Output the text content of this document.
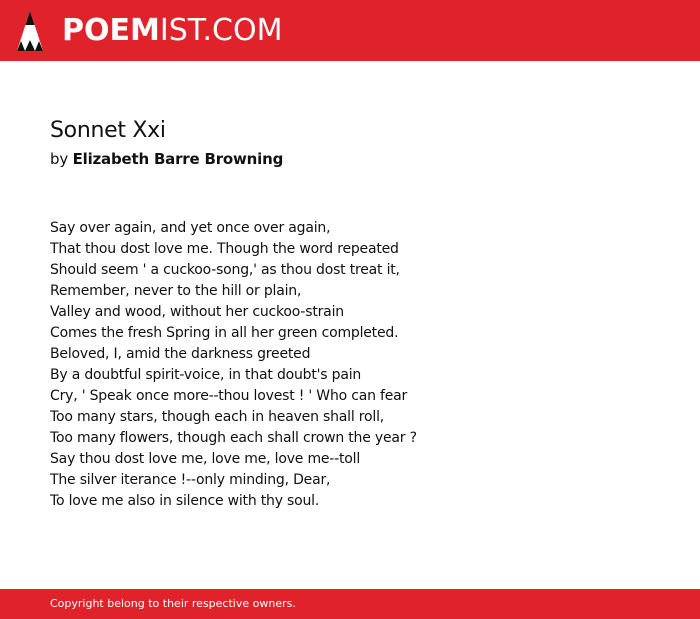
POEMIST.COM
Sonnet Xxi
by Elizabeth Barre Browning
Say over again, and yet once over again,
That thou dost love me. Though the word repeated
Should seem ' a cuckoo-song,' as thou dost treat it,
Remember, never to the hill or plain,
Valley and wood, without her cuckoo-strain
Comes the fresh Spring in all her green completed.
Beloved, I, amid the darkness greeted
By a doubtful spirit-voice, in that doubt's pain
Cry, ' Speak once more--thou lovest ! ' Who can fear
Too many stars, though each in heaven shall roll,
Too many flowers, though each shall crown the year ?
Say thou dost love me, love me, love me--toll
The silver iterance !--only minding, Dear,
To love me also in silence with thy soul.
Copyright belong to their respective owners.
